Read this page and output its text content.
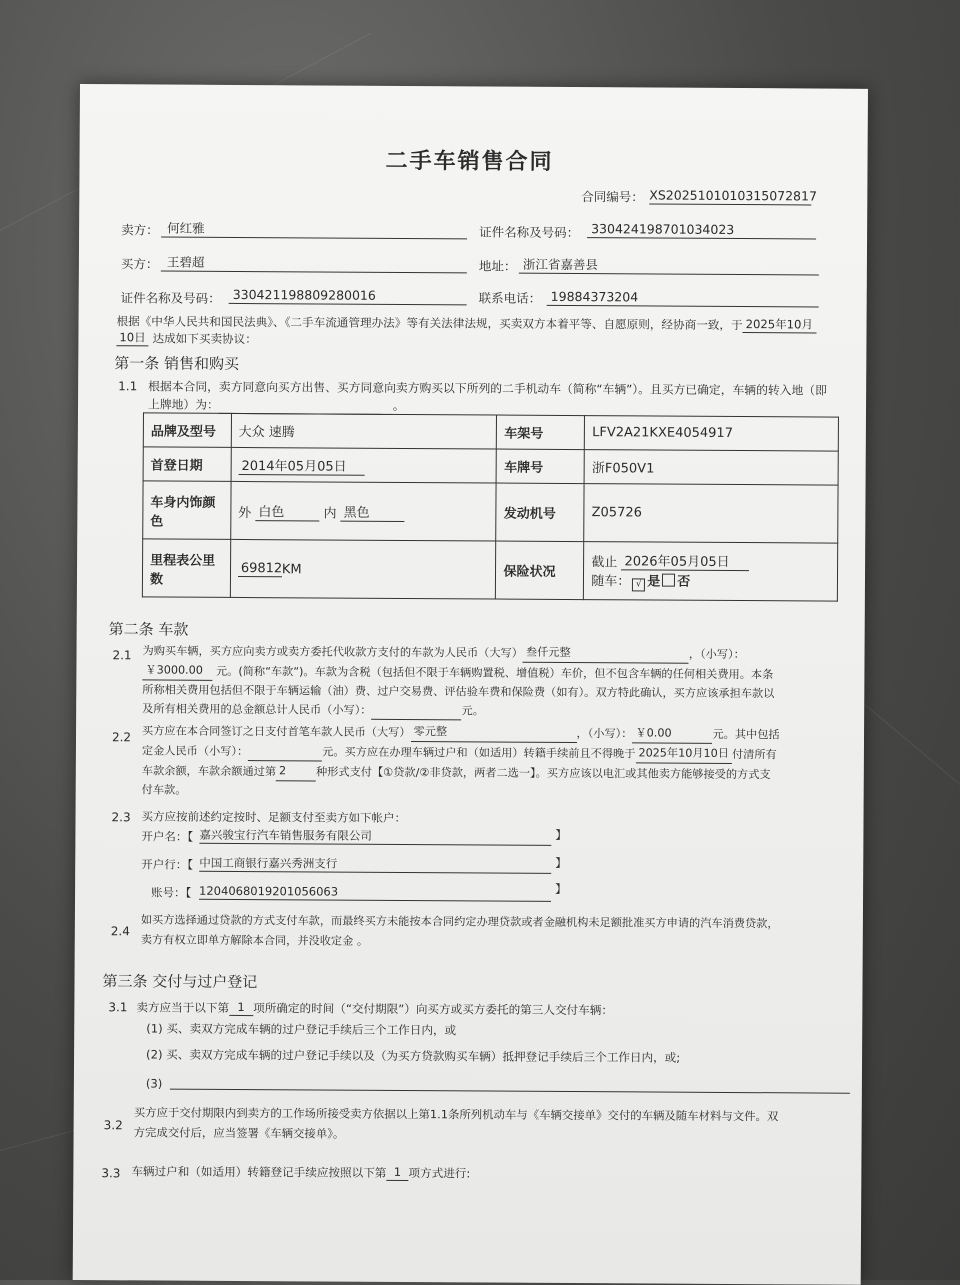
二手车销售合同
合同编号： XS2025101010315072817
卖方： 何红雅	证件名称及号码： 330424198701034023
买方： 王碧超	地址： 浙江省嘉善县
证件名称及号码： 330421198809280016	联系电话： 19884373204
根据《中华人民共和国民法典》、《二手车流通管理办法》等有关法律法规，买卖双方本着平等、自愿原则，经协商一致，于 2025年10月
10日 达成如下买卖协议：
第一条 销售和购买
1.1 根据本合同，卖方同意向买方出售、买方同意向卖方购买以下所列的二手机动车（简称“车辆”）。且买方已确定，车辆的转入地（即
上牌地）为：	。
品牌及型号	大众 速腾	车架号	LFV2A21KXE4054917
首登日期	2014年05月05日	车牌号	浙F050V1
车身内饰颜色	外 白色 内 黑色	发动机号	Z05726
里程表公里数	69812KM	保险状况	截止 2026年05月05日
随车： √ 是 否
第二条 车款
2.1 为购买车辆，买方应向卖方或卖方委托代收款方支付的车款为人民币（大写） 叁仟元整	，（小写）：
￥3000.00 元。(简称“车款”)。车款为含税（包括但不限于车辆购置税、增值税）车价，但不包含车辆的任何相关费用。本条
所称相关费用包括但不限于车辆运输（油）费、过户交易费、评估验车费和保险费（如有）。双方特此确认，买方应该承担车款以
及所有相关费用的总金额总计人民币（小写）：	元。
2.2 买方应在本合同签订之日支付首笔车款人民币（大写） 零元整	，（小写）： ￥0.00	元。其中包括
定金人民币（小写）：	元。买方应在办理车辆过户和（如适用）转籍手续前且不得晚于 2025年10月10日 付清所有
车款余额，车款余额通过第 2	种形式支付【①贷款/②非贷款，两者二选一】。买方应该以电汇或其他卖方能够接受的方式支
付车款。
2.3 买方应按前述约定按时、足额支付至卖方如下帐户：
开户名：【 嘉兴骏宝行汽车销售服务有限公司	】
开户行：【 中国工商银行嘉兴秀洲支行	】
账号：【 1204068019201056063	】
2.4
如买方选择通过贷款的方式支付车款，而最终买方未能按本合同约定办理贷款或者金融机构未足额批准买方申请的汽车消费贷款，
卖方有权立即单方解除本合同，并没收定金 。
第三条 交付与过户登记
3.1 卖方应当于以下第 1 项所确定的时间（“交付期限”）向买方或买方委托的第三人交付车辆：
(1) 买、卖双方完成车辆的过户登记手续后三个工作日内，或
(2) 买、卖双方完成车辆的过户登记手续以及（为买方贷款购买车辆）抵押登记手续后三个工作日内，或;
(3)
3.2
买方应于交付期限内到卖方的工作场所接受卖方依据以上第1.1条所列机动车与《车辆交接单》交付的车辆及随车材料与文件。双
方完成交付后，应当签署《车辆交接单》。
3.3 车辆过户和（如适用）转籍登记手续应按照以下第 1 项方式进行:
